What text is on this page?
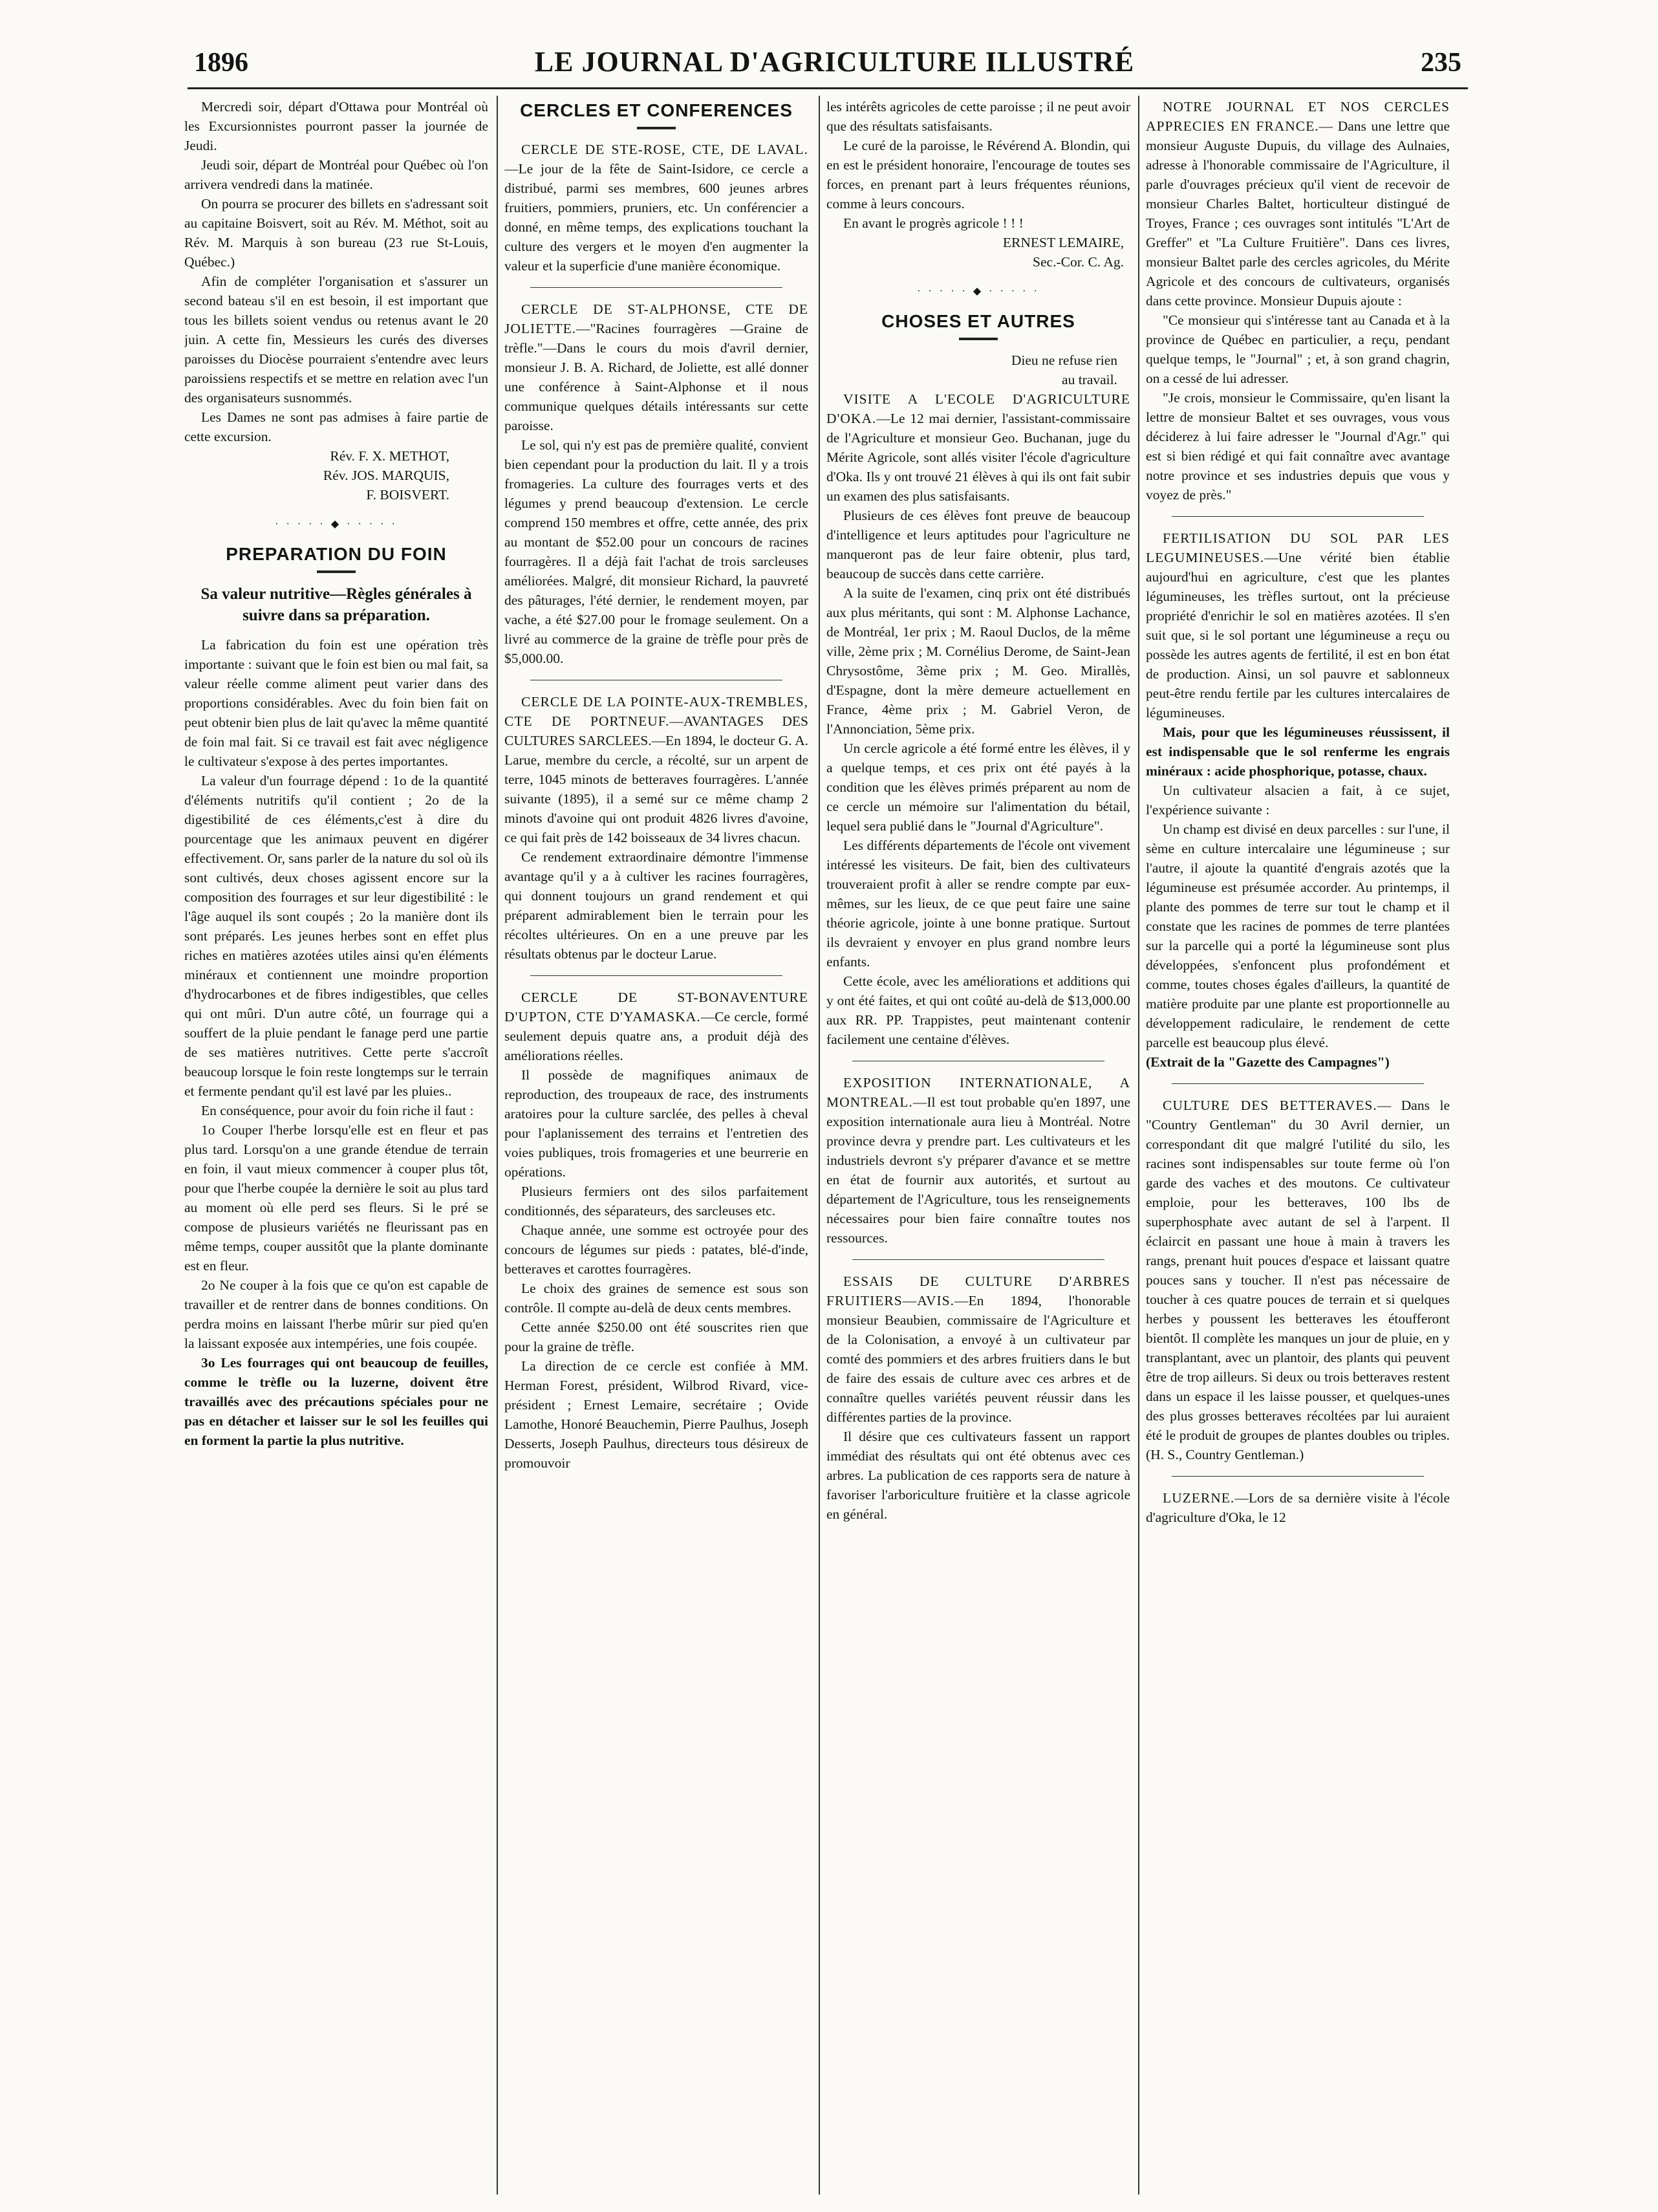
1896	LE JOURNAL D'AGRICULTURE ILLUSTRÉ	235

Mercredi soir, départ d'Ottawa pour Montréal où les Excursionnistes pourront passer la journée de Jeudi.

Jeudi soir, départ de Montréal pour Québec où l'on arrivera vendredi dans la matinée.

On pourra se procurer des billets en s'adressant soit au capitaine Boisvert, soit au Rév. M. Méthot, soit au Rév. M. Marquis à son bureau (23 rue St-Louis, Québec.)

Afin de compléter l'organisation et s'assurer un second bateau s'il en est besoin, il est important que tous les billets soient vendus ou retenus avant le 20 juin. A cette fin, Messieurs les curés des diverses paroisses du Diocèse pourraient s'entendre avec leurs paroissiens respectifs et se mettre en relation avec l'un des organisateurs susnommés.

Les Dames ne sont pas admises à faire partie de cette excursion.

Rév. F. X. METHOT,
Rév. JOS. MARQUIS,
F. BOISVERT.
· · · · · ◆ · · · · ·
PREPARATION DU FOIN
Sa valeur nutritive—Règles générales à suivre dans sa préparation.

La fabrication du foin est une opération très importante : suivant que le foin est bien ou mal fait, sa valeur réelle comme aliment peut varier dans des proportions considérables. Avec du foin bien fait on peut obtenir bien plus de lait qu'avec la même quantité de foin mal fait. Si ce travail est fait avec négligence le cultivateur s'expose à des pertes importantes.

La valeur d'un fourrage dépend : 1o de la quantité d'éléments nutritifs qu'il contient ; 2o de la digestibilité de ces éléments,c'est à dire du pourcentage que les animaux peuvent en digérer effectivement. Or, sans parler de la nature du sol où ils sont cultivés, deux choses agissent encore sur la composition des fourrages et sur leur digestibilité : le l'âge auquel ils sont coupés ; 2o la manière dont ils sont préparés. Les jeunes herbes sont en effet plus riches en matières azotées utiles ainsi qu'en éléments minéraux et contiennent une moindre proportion d'hydrocarbones et de fibres indigestibles, que celles qui ont mûri. D'un autre côté, un fourrage qui a souffert de la pluie pendant le fanage perd une partie de ses matières nutritives. Cette perte s'accroît beaucoup lorsque le foin reste longtemps sur le terrain et fermente pendant qu'il est lavé par les pluies..

En conséquence, pour avoir du foin riche il faut :

1o Couper l'herbe lorsqu'elle est en fleur et pas plus tard. Lorsqu'on a une grande étendue de terrain en foin, il vaut mieux commencer à couper plus tôt, pour que l'herbe coupée la dernière le soit au plus tard au moment où elle perd ses fleurs. Si le pré se compose de plusieurs variétés ne fleurissant pas en même temps, couper aussitôt que la plante dominante est en fleur.

2o Ne couper à la fois que ce qu'on est capable de travailler et de rentrer dans de bonnes conditions. On perdra moins en laissant l'herbe mûrir sur pied qu'en la laissant exposée aux intempéries, une fois coupée.

3o Les fourrages qui ont beaucoup de feuilles, comme le trèfle ou la luzerne, doivent être travaillés avec des précautions spéciales pour ne pas en détacher et laisser sur le sol les feuilles qui en forment la partie la plus nutritive.

CERCLES ET CONFERENCES

CERCLE DE STE-ROSE, CTE, DE LAVAL.—Le jour de la fête de Saint-Isidore, ce cercle a distribué, parmi ses membres, 600 jeunes arbres fruitiers, pommiers, pruniers, etc. Un conférencier a donné, en même temps, des explications touchant la culture des vergers et le moyen d'en augmenter la valeur et la superficie d'une manière économique.

CERCLE DE ST-ALPHONSE, CTE DE JOLIETTE.—"Racines fourragères —Graine de trèfle."—Dans le cours du mois d'avril dernier, monsieur J. B. A. Richard, de Joliette, est allé donner une conférence à Saint-Alphonse et il nous communique quelques détails intéressants sur cette paroisse.

Le sol, qui n'y est pas de première qualité, convient bien cependant pour la production du lait. Il y a trois fromageries. La culture des fourrages verts et des légumes y prend beaucoup d'extension. Le cercle comprend 150 membres et offre, cette année, des prix au montant de $52.00 pour un concours de racines fourragères. Il a déjà fait l'achat de trois sarcleuses améliorées. Malgré, dit monsieur Richard, la pauvreté des pâturages, l'été dernier, le rendement moyen, par vache, a été $27.00 pour le fromage seulement. On a livré au commerce de la graine de trèfle pour près de $5,000.00.

CERCLE DE LA POINTE-AUX-TREMBLES, CTE DE PORTNEUF.—AVANTAGES DES CULTURES SARCLEES.—En 1894, le docteur G. A. Larue, membre du cercle, a récolté, sur un arpent de terre, 1045 minots de betteraves fourragères. L'année suivante (1895), il a semé sur ce même champ 2 minots d'avoine qui ont produit 4826 livres d'avoine, ce qui fait près de 142 boisseaux de 34 livres chacun.

Ce rendement extraordinaire démontre l'immense avantage qu'il y a à cultiver les racines fourragères, qui donnent toujours un grand rendement et qui préparent admirablement bien le terrain pour les récoltes ultérieures. On en a une preuve par les résultats obtenus par le docteur Larue.

CERCLE DE ST-BONAVENTURE D'UPTON, CTE D'YAMASKA.—Ce cercle, formé seulement depuis quatre ans, a produit déjà des améliorations réelles.

Il possède de magnifiques animaux de reproduction, des troupeaux de race, des instruments aratoires pour la culture sarclée, des pelles à cheval pour l'aplanissement des terrains et l'entretien des voies publiques, trois fromageries et une beurrerie en opérations.

Plusieurs fermiers ont des silos parfaitement conditionnés, des séparateurs, des sarcleuses etc.

Chaque année, une somme est octroyée pour des concours de légumes sur pieds : patates, blé-d'inde, betteraves et carottes fourragères.

Le choix des graines de semence est sous son contrôle. Il compte au-delà de deux cents membres.

Cette année $250.00 ont été souscrites rien que pour la graine de trèfle.

La direction de ce cercle est confiée à MM. Herman Forest, président, Wilbrod Rivard, vice-président ; Ernest Lemaire, secrétaire ; Ovide Lamothe, Honoré Beauchemin, Pierre Paulhus, Joseph Desserts, Joseph Paulhus, directeurs tous désireux de promouvoir

les intérêts agricoles de cette paroisse ; il ne peut avoir que des résultats satisfaisants.

Le curé de la paroisse, le Révérend A. Blondin, qui en est le président honoraire, l'encourage de toutes ses forces, en prenant part à leurs fréquentes réunions, comme à leurs concours.

En avant le progrès agricole ! ! !

ERNEST LEMAIRE,
Sec.-Cor. C. Ag.
· · · · · ◆ · · · · ·
CHOSES ET AUTRES
Dieu ne refuse rien
au travail.

VISITE A L'ECOLE D'AGRICULTURE D'OKA.—Le 12 mai dernier, l'assistant-commissaire de l'Agriculture et monsieur Geo. Buchanan, juge du Mérite Agricole, sont allés visiter l'école d'agriculture d'Oka. Ils y ont trouvé 21 élèves à qui ils ont fait subir un examen des plus satisfaisants.

Plusieurs de ces élèves font preuve de beaucoup d'intelligence et leurs aptitudes pour l'agriculture ne manqueront pas de leur faire obtenir, plus tard, beaucoup de succès dans cette carrière.

A la suite de l'examen, cinq prix ont été distribués aux plus méritants, qui sont : M. Alphonse Lachance, de Montréal, 1er prix ; M. Raoul Duclos, de la même ville, 2ème prix ; M. Cornélius Derome, de Saint-Jean Chrysostôme, 3ème prix ; M. Geo. Mirallès, d'Espagne, dont la mère demeure actuellement en France, 4ème prix ; M. Gabriel Veron, de l'Annonciation, 5ème prix.

Un cercle agricole a été formé entre les élèves, il y a quelque temps, et ces prix ont été payés à la condition que les élèves primés préparent au nom de ce cercle un mémoire sur l'alimentation du bétail, lequel sera publié dans le "Journal d'Agriculture".

Les différents départements de l'école ont vivement intéressé les visiteurs. De fait, bien des cultivateurs trouveraient profit à aller se rendre compte par eux-mêmes, sur les lieux, de ce que peut faire une saine théorie agricole, jointe à une bonne pratique. Surtout ils devraient y envoyer en plus grand nombre leurs enfants.

Cette école, avec les améliorations et additions qui y ont été faites, et qui ont coûté au-delà de $13,000.00 aux RR. PP. Trappistes, peut maintenant contenir facilement une centaine d'élèves.

EXPOSITION INTERNATIONALE, A MONTREAL.—Il est tout probable qu'en 1897, une exposition internationale aura lieu à Montréal. Notre province devra y prendre part. Les cultivateurs et les industriels devront s'y préparer d'avance et se mettre en état de fournir aux autorités, et surtout au département de l'Agriculture, tous les renseignements nécessaires pour bien faire connaître toutes nos ressources.

ESSAIS DE CULTURE D'ARBRES FRUITIERS—AVIS.—En 1894, l'honorable monsieur Beaubien, commissaire de l'Agriculture et de la Colonisation, a envoyé à un cultivateur par comté des pommiers et des arbres fruitiers dans le but de faire des essais de culture avec ces arbres et de connaître quelles variétés peuvent réussir dans les différentes parties de la province.

Il désire que ces cultivateurs fassent un rapport immédiat des résultats qui ont été obtenus avec ces arbres. La publication de ces rapports sera de nature à favoriser l'arboriculture fruitière et la classe agricole en général.

NOTRE JOURNAL ET NOS CERCLES APPRECIES EN FRANCE.— Dans une lettre que monsieur Auguste Dupuis, du village des Aulnaies, adresse à l'honorable commissaire de l'Agriculture, il parle d'ouvrages précieux qu'il vient de recevoir de monsieur Charles Baltet, horticulteur distingué de Troyes, France ; ces ouvrages sont intitulés "L'Art de Greffer" et "La Culture Fruitière". Dans ces livres, monsieur Baltet parle des cercles agricoles, du Mérite Agricole et des concours de cultivateurs, organisés dans cette province. Monsieur Dupuis ajoute :

"Ce monsieur qui s'intéresse tant au Canada et à la province de Québec en particulier, a reçu, pendant quelque temps, le "Journal" ; et, à son grand chagrin, on a cessé de lui adresser.

"Je crois, monsieur le Commissaire, qu'en lisant la lettre de monsieur Baltet et ses ouvrages, vous vous déciderez à lui faire adresser le "Journal d'Agr." qui est si bien rédigé et qui fait connaître avec avantage notre province et ses industries depuis que vous y voyez de près."

FERTILISATION DU SOL PAR LES LEGUMINEUSES.—Une vérité bien établie aujourd'hui en agriculture, c'est que les plantes légumineuses, les trèfles surtout, ont la précieuse propriété d'enrichir le sol en matières azotées. Il s'en suit que, si le sol portant une légumineuse a reçu ou possède les autres agents de fertilité, il est en bon état de production. Ainsi, un sol pauvre et sablonneux peut-être rendu fertile par les cultures intercalaires de légumineuses.

Mais, pour que les légumineuses réussissent, il est indispensable que le sol renferme les engrais minéraux : acide phosphorique, potasse, chaux.

Un cultivateur alsacien a fait, à ce sujet, l'expérience suivante :

Un champ est divisé en deux parcelles : sur l'une, il sème en culture intercalaire une légumineuse ; sur l'autre, il ajoute la quantité d'engrais azotés que la légumineuse est présumée accorder. Au printemps, il plante des pommes de terre sur tout le champ et il constate que les racines de pommes de terre plantées sur la parcelle qui a porté la légumineuse sont plus développées, s'enfoncent plus profondément et comme, toutes choses égales d'ailleurs, la quantité de matière produite par une plante est proportionnelle au développement radiculaire, le rendement de cette parcelle est beaucoup plus élevé.

(Extrait de la "Gazette des Campagnes")

CULTURE DES BETTERAVES.— Dans le "Country Gentleman" du 30 Avril dernier, un correspondant dit que malgré l'utilité du silo, les racines sont indispensables sur toute ferme où l'on garde des vaches et des moutons. Ce cultivateur emploie, pour les betteraves, 100 lbs de superphosphate avec autant de sel à l'arpent. Il éclaircit en passant une houe à main à travers les rangs, prenant huit pouces d'espace et laissant quatre pouces sans y toucher. Il n'est pas nécessaire de toucher à ces quatre pouces de terrain et si quelques herbes y poussent les betteraves les étoufferont bientôt. Il complète les manques un jour de pluie, en y transplantant, avec un plantoir, des plants qui peuvent être de trop ailleurs. Si deux ou trois betteraves restent dans un espace il les laisse pousser, et quelques-unes des plus grosses betteraves récoltées par lui auraient été le produit de groupes de plantes doubles ou triples. (H. S., Country Gentleman.)

LUZERNE.—Lors de sa dernière visite à l'école d'agriculture d'Oka, le 12
